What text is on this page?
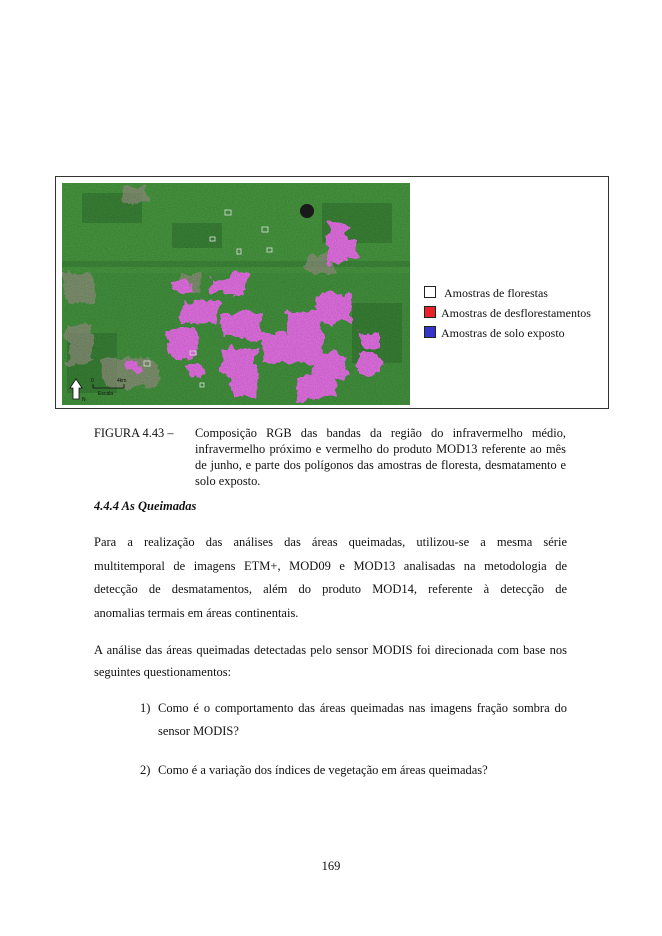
N
0	4km
Escala
Amostras de florestas
Amostras de desflorestamentos
Amostras de solo exposto
FIGURA 4.43 –	Composição RGB das bandas da região do infravermelho médio, infravermelho próximo e vermelho do produto MOD13 referente ao mês de junho, e parte dos polígonos das amostras de floresta, desmatamento e solo exposto.
4.4.4 As Queimadas
Para a realização das análises das áreas queimadas, utilizou-se a mesma série
multitemporal de imagens ETM+, MOD09 e MOD13 analisadas na metodologia de
detecção de desmatamentos, além do produto MOD14, referente à detecção de
anomalias termais em áreas continentais.
A análise das áreas queimadas detectadas pelo sensor MODIS foi direcionada com base nos seguintes questionamentos:
1) Como é o comportamento das áreas queimadas nas imagens fração sombra do sensor MODIS?
2) Como é a variação dos índices de vegetação em áreas queimadas?
169
